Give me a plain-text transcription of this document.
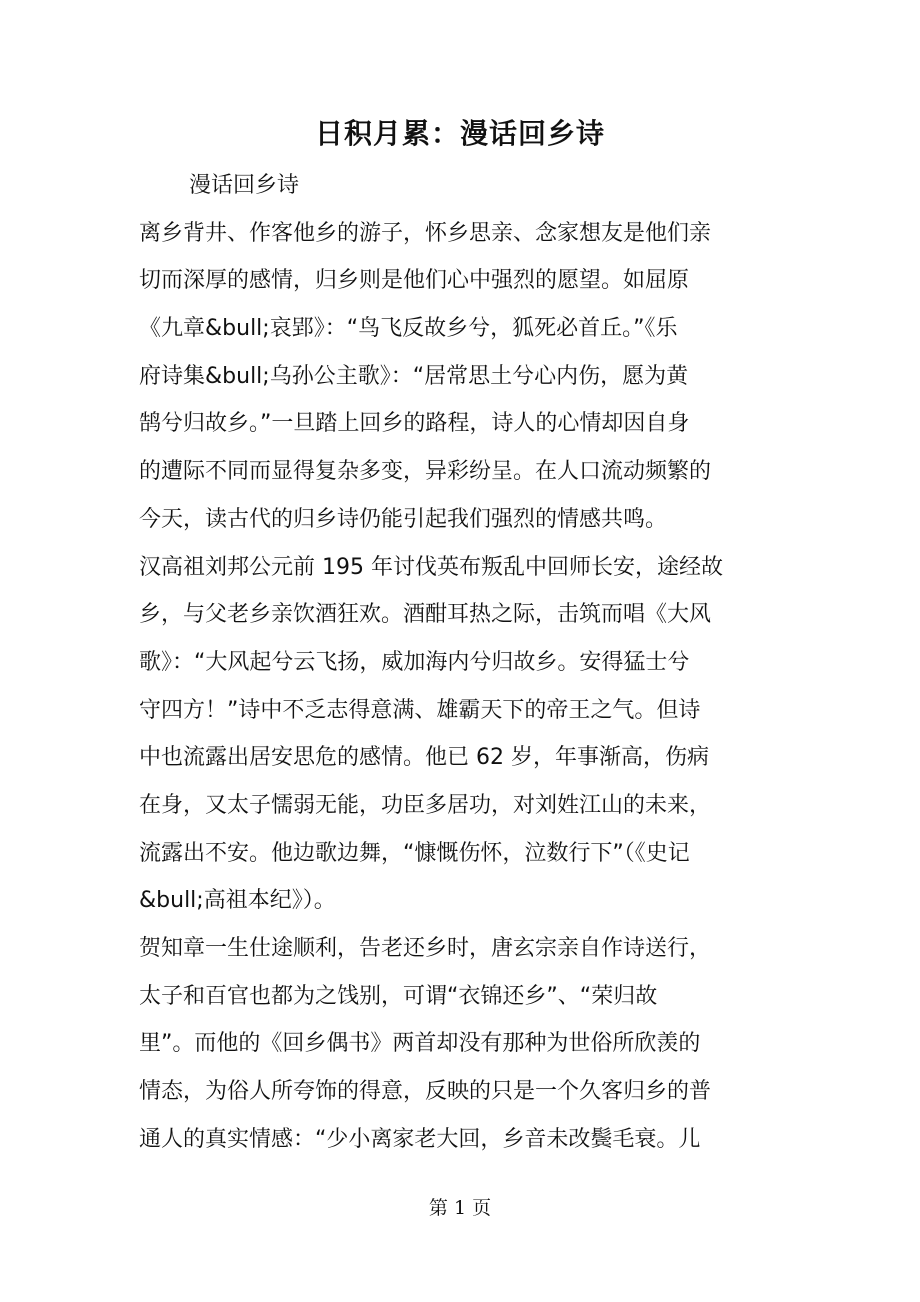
日积月累：漫话回乡诗
漫话回乡诗
离乡背井、作客他乡的游子，怀乡思亲、念家想友是他们亲
切而深厚的感情，归乡则是他们心中强烈的愿望。如屈原
《九章&bull;哀郢》：“鸟飞反故乡兮，狐死必首丘。”《乐
府诗集&bull;乌孙公主歌》：“居常思土兮心内伤，愿为黄
鹄兮归故乡。”一旦踏上回乡的路程，诗人的心情却因自身
的遭际不同而显得复杂多变，异彩纷呈。在人口流动频繁的
今天，读古代的归乡诗仍能引起我们强烈的情感共鸣。
汉高祖刘邦公元前 195 年讨伐英布叛乱中回师长安，途经故
乡，与父老乡亲饮酒狂欢。酒酣耳热之际，击筑而唱《大风
歌》：“大风起兮云飞扬，威加海内兮归故乡。安得猛士兮
守四方！”诗中不乏志得意满、雄霸天下的帝王之气。但诗
中也流露出居安思危的感情。他已 62 岁，年事渐高，伤病
在身，又太子懦弱无能，功臣多居功，对刘姓江山的未来，
流露出不安。他边歌边舞，“慷慨伤怀，泣数行下”（《史记
&bull;高祖本纪》）。
贺知章一生仕途顺利，告老还乡时，唐玄宗亲自作诗送行，
太子和百官也都为之饯别，可谓“衣锦还乡”、“荣归故
里”。而他的《回乡偶书》两首却没有那种为世俗所欣羡的
情态，为俗人所夸饰的得意，反映的只是一个久客归乡的普
通人的真实情感：“少小离家老大回，乡音未改鬓毛衰。儿
第 1 页
